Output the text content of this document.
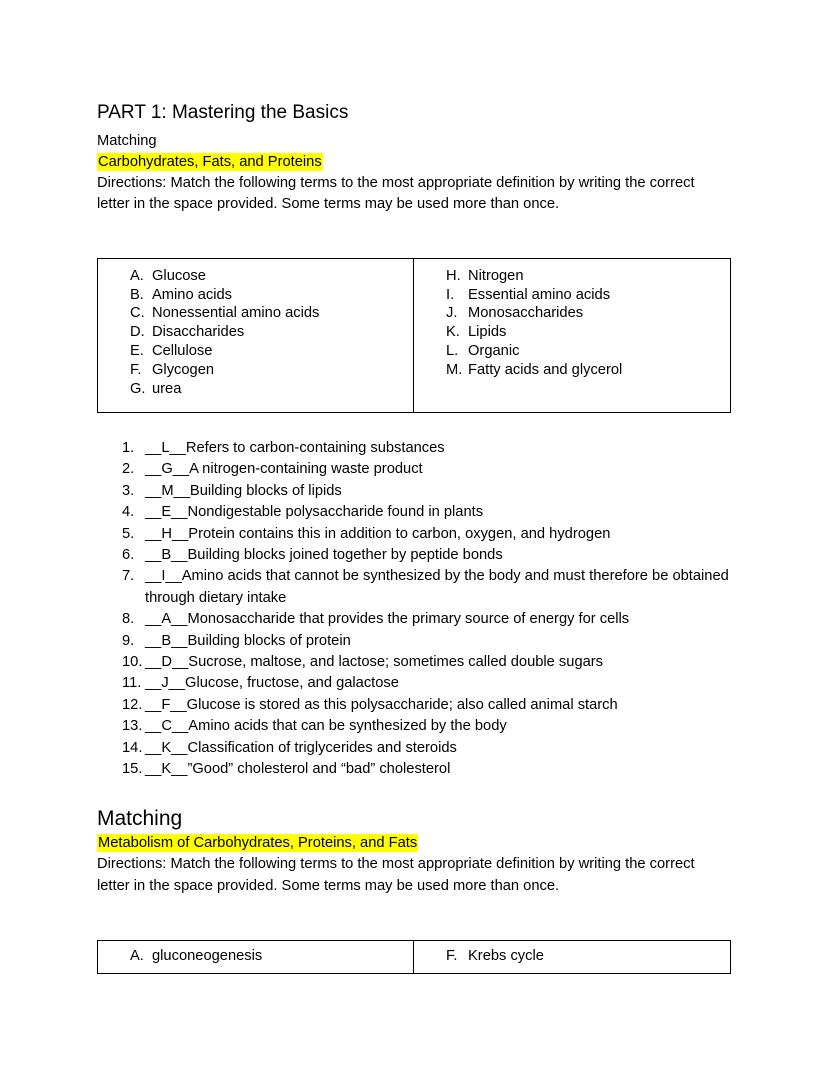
PART 1: Mastering the Basics

Matching

Carbohydrates, Fats, and Proteins

Directions: Match the following terms to the most appropriate definition by writing the correct letter in the space provided. Some terms may be used more than once.

A. Glucose
B. Amino acids
C. Nonessential amino acids
D. Disaccharides
E. Cellulose
F. Glycogen
G. urea
H. Nitrogen
I. Essential amino acids
J. Monosaccharides
K. Lipids
L. Organic
M. Fatty acids and glycerol
1. __L__Refers to carbon-containing substances
2. __G__A nitrogen-containing waste product
3. __M__Building blocks of lipids
4. __E__Nondigestable polysaccharide found in plants
5. __H__Protein contains this in addition to carbon, oxygen, and hydrogen
6. __B__Building blocks joined together by peptide bonds
7. __I__Amino acids that cannot be synthesized by the body and must therefore be obtained through dietary intake
8. __A__Monosaccharide that provides the primary source of energy for cells
9. __B__Building blocks of protein
10. __D__Sucrose, maltose, and lactose; sometimes called double sugars
11. __J__Glucose, fructose, and galactose
12. __F__Glucose is stored as this polysaccharide; also called animal starch
13. __C__Amino acids that can be synthesized by the body
14. __K__Classification of triglycerides and steroids
15. __K__”Good” cholesterol and “bad” cholesterol
Matching

Metabolism of Carbohydrates, Proteins, and Fats

Directions: Match the following terms to the most appropriate definition by writing the correct letter in the space provided. Some terms may be used more than once.

A. gluconeogenesis	F. Krebs cycle
